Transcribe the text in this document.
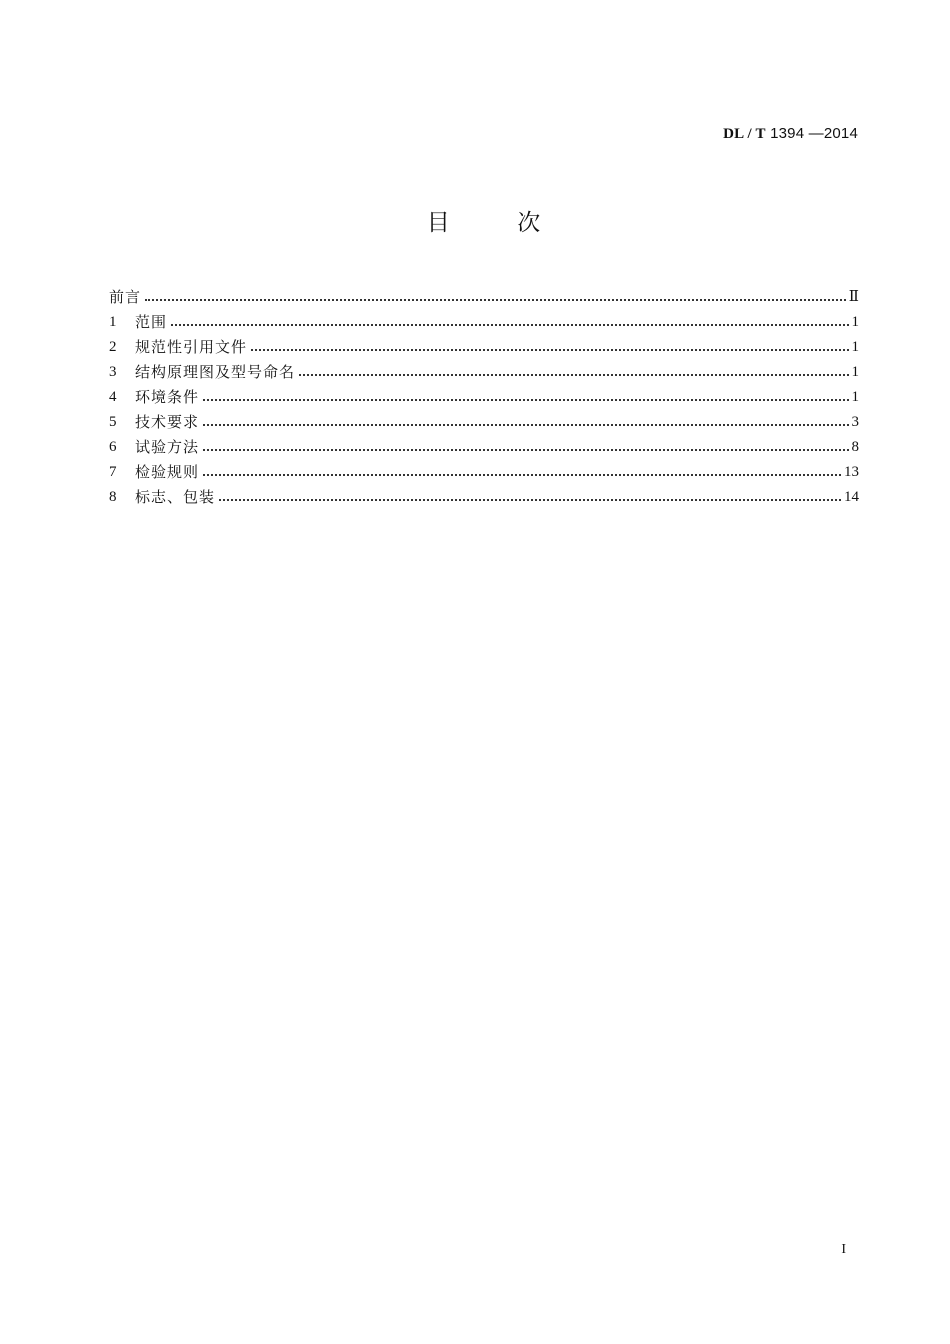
DL / T 1394 —2014
目        次
前言	Ⅱ
1	范围	1
2	规范性引用文件	1
3	结构原理图及型号命名	1
4	环境条件	1
5	技术要求	3
6	试验方法	8
7	检验规则	13
8	标志、包装	14
I
